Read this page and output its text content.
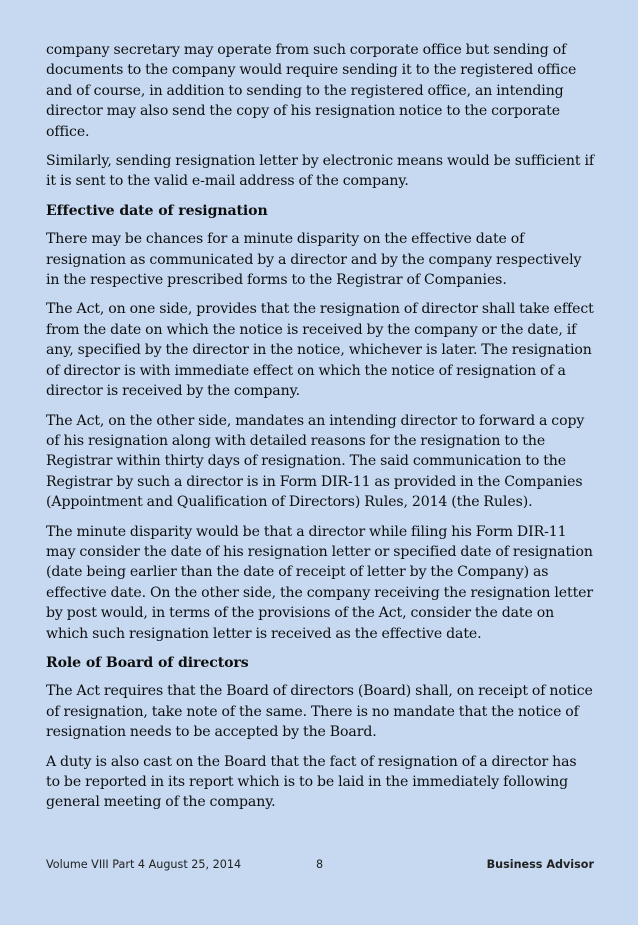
company secretary may operate from such corporate office but sending of documents to the company would require sending it to the registered office and of course, in addition to sending to the registered office, an intending director may also send the copy of his resignation notice to the corporate office.

Similarly, sending resignation letter by electronic means would be sufficient if it is sent to the valid e-mail address of the company.

Effective date of resignation

There may be chances for a minute disparity on the effective date of resignation as communicated by a director and by the company respectively in the respective prescribed forms to the Registrar of Companies.

The Act, on one side, provides that the resignation of director shall take effect from the date on which the notice is received by the company or the date, if any, specified by the director in the notice, whichever is later. The resignation of director is with immediate effect on which the notice of resignation of a director is received by the company.

The Act, on the other side, mandates an intending director to forward a copy of his resignation along with detailed reasons for the resignation to the Registrar within thirty days of resignation. The said communication to the Registrar by such a director is in Form DIR-11 as provided in the Companies (Appointment and Qualification of Directors) Rules, 2014 (the Rules).

The minute disparity would be that a director while filing his Form DIR-11 may consider the date of his resignation letter or specified date of resignation (date being earlier than the date of receipt of letter by the Company) as effective date. On the other side, the company receiving the resignation letter by post would, in terms of the provisions of the Act, consider the date on which such resignation letter is received as the effective date.

Role of Board of directors

The Act requires that the Board of directors (Board) shall, on receipt of notice of resignation, take note of the same. There is no mandate that the notice of resignation needs to be accepted by the Board.

A duty is also cast on the Board that the fact of resignation of a director has to be reported in its report which is to be laid in the immediately following general meeting of the company.

Volume VIII Part 4 August 25, 2014	8	Business Advisor
